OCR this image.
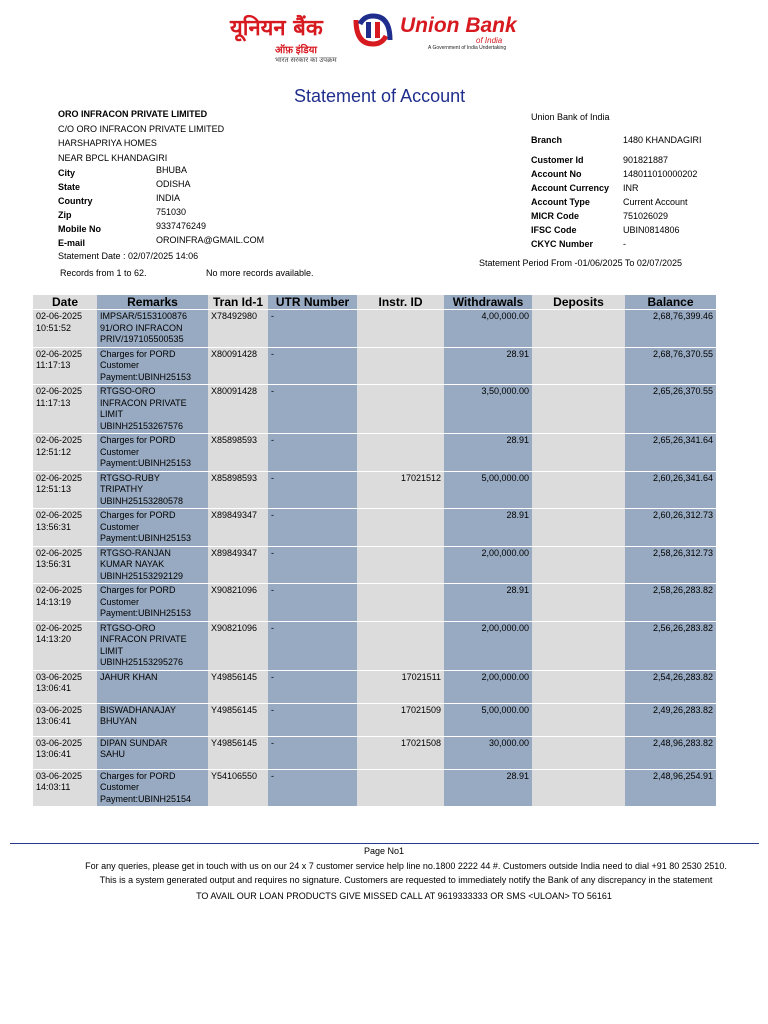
यूनियन बैंक
ऑफ़ इंडिया
भारत सरकार का उपक्रम
Union Bank
of India
A Government of India Undertaking
Statement of Account
ORO INFRACON PRIVATE LIMITED
C/O ORO INFRACON PRIVATE LIMITED
HARSHAPRIYA HOMES
NEAR BPCL KHANDAGIRI
City	BHUBA
State	ODISHA
Country	INDIA
Zip	751030
Mobile No	9337476249
E-mail	OROINFRA@GMAIL.COM
Statement Date : 02/07/2025 14:06
Union Bank of India
Branch	1480 KHANDAGIRI
Customer Id	901821887
Account No	148011010000202
Account Currency INR
Account Type	Current Account
MICR Code	751026029
IFSC Code	UBIN0814806
CKYC Number	-
Statement Period From -01/06/2025 To 02/07/2025
Records from 1 to 62.	No more records available.
Date	Remarks	Tran Id-1	UTR Number	Instr. ID	Withdrawals	Deposits	Balance
02-06-2025
10:51:52	IMPSAR/5153100876
91/ORO INFRACON
PRIV/197105500535	X78492980	-		4,00,000.00		2,68,76,399.46
02-06-2025
11:17:13	Charges for PORD
Customer
Payment:UBINH25153	X80091428	-		28.91		2,68,76,370.55
02-06-2025
11:17:13	RTGSO-ORO
INFRACON PRIVATE
LIMIT
UBINH25153267576	X80091428	-		3,50,000.00		2,65,26,370.55
02-06-2025
12:51:12	Charges for PORD
Customer
Payment:UBINH25153	X85898593	-		28.91		2,65,26,341.64
02-06-2025
12:51:13	RTGSO-RUBY
TRIPATHY
UBINH25153280578	X85898593	-	17021512	5,00,000.00		2,60,26,341.64
02-06-2025
13:56:31	Charges for PORD
Customer
Payment:UBINH25153	X89849347	-		28.91		2,60,26,312.73
02-06-2025
13:56:31	RTGSO-RANJAN
KUMAR NAYAK
UBINH25153292129	X89849347	-		2,00,000.00		2,58,26,312.73
02-06-2025
14:13:19	Charges for PORD
Customer
Payment:UBINH25153	X90821096	-		28.91		2,58,26,283.82
02-06-2025
14:13:20	RTGSO-ORO
INFRACON PRIVATE
LIMIT
UBINH25153295276	X90821096	-		2,00,000.00		2,56,26,283.82
03-06-2025
13:06:41	JAHUR KHAN	Y49856145	-	17021511	2,00,000.00		2,54,26,283.82
03-06-2025
13:06:41	BISWADHANAJAY
BHUYAN	Y49856145	-	17021509	5,00,000.00		2,49,26,283.82
03-06-2025
13:06:41	DIPAN SUNDAR
SAHU	Y49856145	-	17021508	30,000.00		2,48,96,283.82
03-06-2025
14:03:11	Charges for PORD
Customer
Payment:UBINH25154	Y54106550	-		28.91		2,48,96,254.91
Page No1
For any queries, please get in touch with us on our 24 x 7 customer service help line no.1800 2222 44 #. Customers outside India need to dial +91 80 2530 2510.
This is a system generated output and requires no signature. Customers are requested to immediately notify the Bank of any discrepancy in the statement
TO AVAIL OUR LOAN PRODUCTS GIVE MISSED CALL AT 9619333333 OR SMS <ULOAN> TO 56161
